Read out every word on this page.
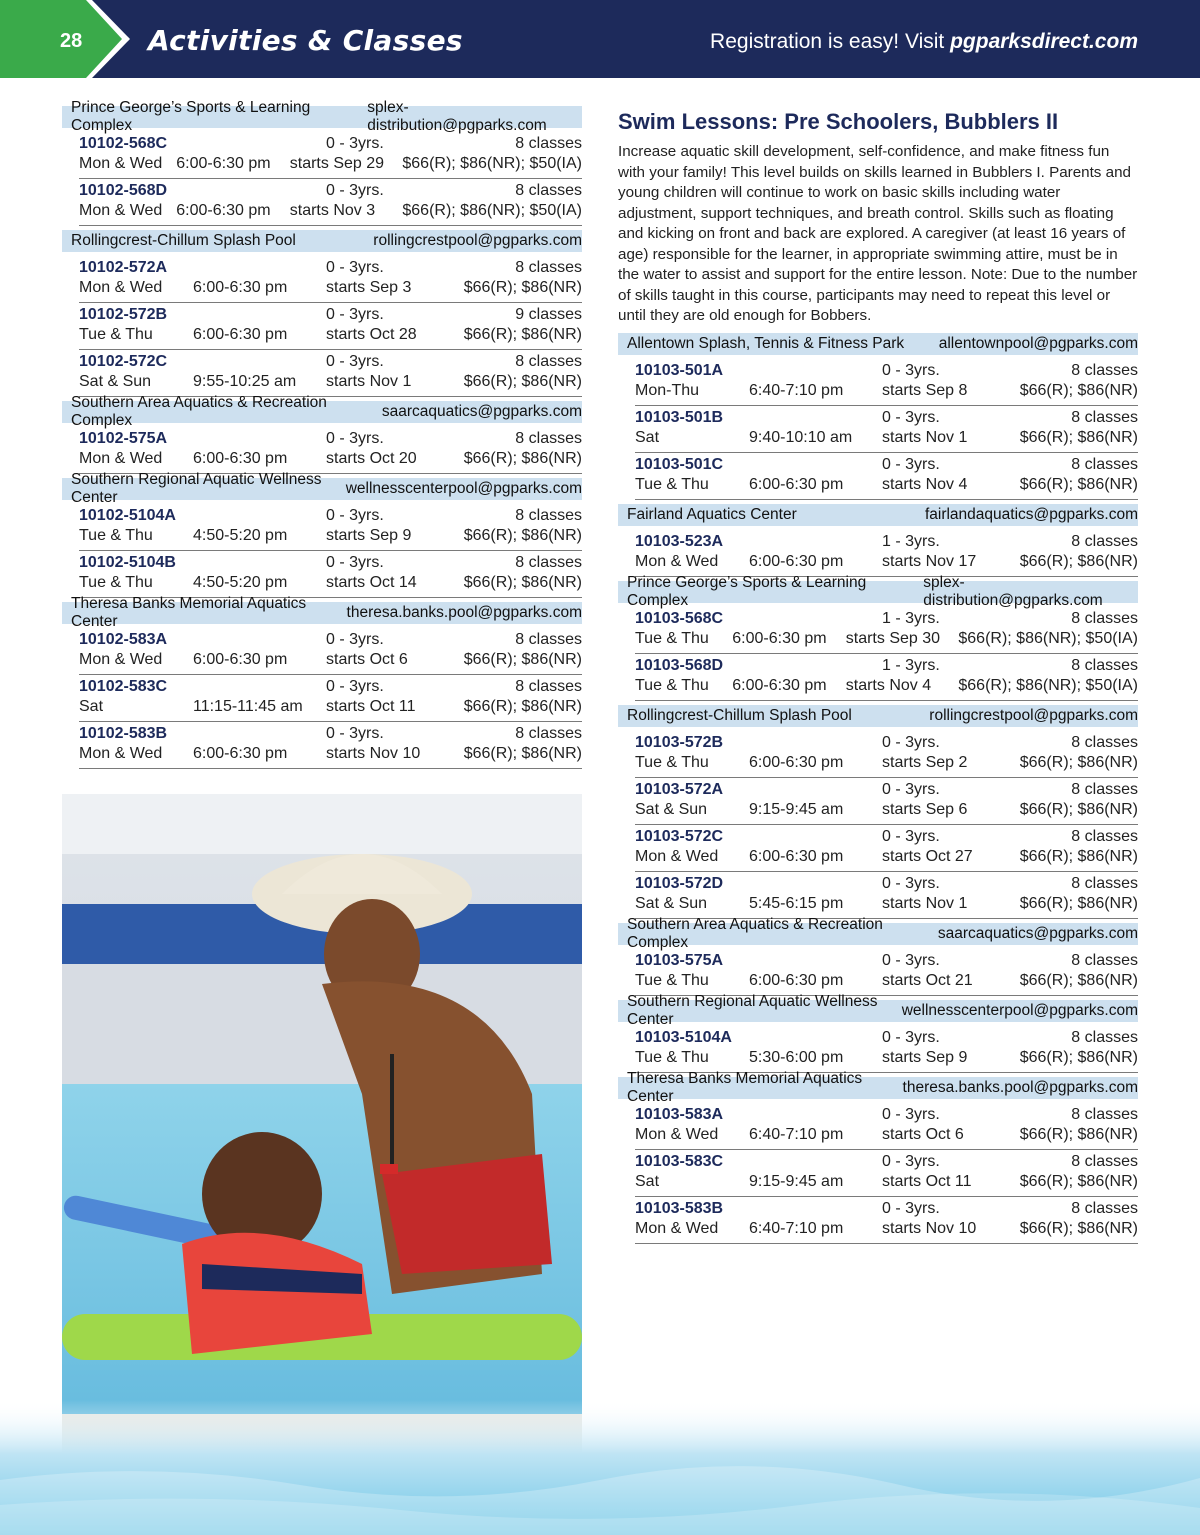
28 Activities & Classes	Registration is easy! Visit pgparksdirect.com
Prince George’s Sports & Learning Complex
splex-distribution@pgparks.com
10102-568C	0 - 3yrs.	8 classes
Mon & Wed 6:00-6:30 pm	starts Sep 29	$66(R); $86(NR); $50(IA)
10102-568D	0 - 3yrs.	8 classes
Mon & Wed 6:00-6:30 pm	starts Nov 3	$66(R); $86(NR); $50(IA)
Rollingcrest-Chillum Splash Pool	rollingcrestpool@pgparks.com
10102-572A	0 - 3yrs.	8 classes
Mon & Wed	6:00-6:30 pm	starts Sep 3	$66(R); $86(NR)
10102-572B	0 - 3yrs.	9 classes
Tue & Thu	6:00-6:30 pm	starts Oct 28	$66(R); $86(NR)
10102-572C	0 - 3yrs.	8 classes
Sat & Sun	9:55-10:25 am	starts Nov 1	$66(R); $86(NR)
Southern Area Aquatics & Recreation Complex
saarcaquatics@pgparks.com
10102-575A	0 - 3yrs.	8 classes
Mon & Wed	6:00-6:30 pm	starts Oct 20	$66(R); $86(NR)
Southern Regional Aquatic Wellness Center
wellnesscenterpool@pgparks.com
10102-5104A	0 - 3yrs.	8 classes
Tue & Thu	4:50-5:20 pm	starts Sep 9	$66(R); $86(NR)
10102-5104B	0 - 3yrs.	8 classes
Tue & Thu	4:50-5:20 pm	starts Oct 14	$66(R); $86(NR)
Theresa Banks Memorial Aquatics Center
theresa.banks.pool@pgparks.com
10102-583A	0 - 3yrs.	8 classes
Mon & Wed	6:00-6:30 pm	starts Oct 6	$66(R); $86(NR)
10102-583C	0 - 3yrs.	8 classes
Sat	11:15-11:45 am	starts Oct 11	$66(R); $86(NR)
10102-583B	0 - 3yrs.	8 classes
Mon & Wed	6:00-6:30 pm	starts Nov 10	$66(R); $86(NR)
Swim Lessons: Pre Schoolers, Bubblers II
Increase aquatic skill development, self-confidence, and make fitness fun with your family! This level builds on skills learned in Bubblers I. Parents and young children will continue to work on basic skills including water adjustment, support techniques, and breath control. Skills such as floating and kicking on front and back are explored. A caregiver (at least 16 years of age) responsible for the learner, in appropriate swimming attire, must be in the water to assist and support for the entire lesson. Note: Due to the number of skills taught in this course, participants may need to repeat this level or until they are old enough for Bobbers.
Allentown Splash, Tennis & Fitness Park allentownpool@pgparks.com
10103-501A	0 - 3yrs.	8 classes
Mon-Thu	6:40-7:10 pm	starts Sep 8	$66(R); $86(NR)
10103-501B	0 - 3yrs.	8 classes
Sat	9:40-10:10 am	starts Nov 1	$66(R); $86(NR)
10103-501C	0 - 3yrs.	8 classes
Tue & Thu	6:00-6:30 pm	starts Nov 4	$66(R); $86(NR)
Fairland Aquatics Center	fairlandaquatics@pgparks.com
10103-523A	1 - 3yrs.	8 classes
Mon & Wed	6:00-6:30 pm	starts Nov 17	$66(R); $86(NR)
Prince George’s Sports & Learning Complex
splex-distribution@pgparks.com
10103-568C	1 - 3yrs.	8 classes
Tue & Thu	6:00-6:30 pm	starts Sep 30	$66(R); $86(NR); $50(IA)
10103-568D	1 - 3yrs.	8 classes
Tue & Thu	6:00-6:30 pm	starts Nov 4	$66(R); $86(NR); $50(IA)
Rollingcrest-Chillum Splash Pool	rollingcrestpool@pgparks.com
10103-572B	0 - 3yrs.	8 classes
Tue & Thu	6:00-6:30 pm	starts Sep 2	$66(R); $86(NR)
10103-572A	0 - 3yrs.	8 classes
Sat & Sun	9:15-9:45 am	starts Sep 6	$66(R); $86(NR)
10103-572C	0 - 3yrs.	8 classes
Mon & Wed	6:00-6:30 pm	starts Oct 27	$66(R); $86(NR)
10103-572D	0 - 3yrs.	8 classes
Sat & Sun	5:45-6:15 pm	starts Nov 1	$66(R); $86(NR)
Southern Area Aquatics & Recreation Complex
saarcaquatics@pgparks.com
10103-575A	0 - 3yrs.	8 classes
Tue & Thu	6:00-6:30 pm	starts Oct 21	$66(R); $86(NR)
Southern Regional Aquatic Wellness Center
wellnesscenterpool@pgparks.com
10103-5104A	0 - 3yrs.	8 classes
Tue & Thu	5:30-6:00 pm	starts Sep 9	$66(R); $86(NR)
Theresa Banks Memorial Aquatics Center
theresa.banks.pool@pgparks.com
10103-583A	0 - 3yrs.	8 classes
Mon & Wed	6:40-7:10 pm	starts Oct 6	$66(R); $86(NR)
10103-583C	0 - 3yrs.	8 classes
Sat	9:15-9:45 am	starts Oct 11	$66(R); $86(NR)
10103-583B	0 - 3yrs.	8 classes
Mon & Wed	6:40-7:10 pm	starts Nov 10	$66(R); $86(NR)
